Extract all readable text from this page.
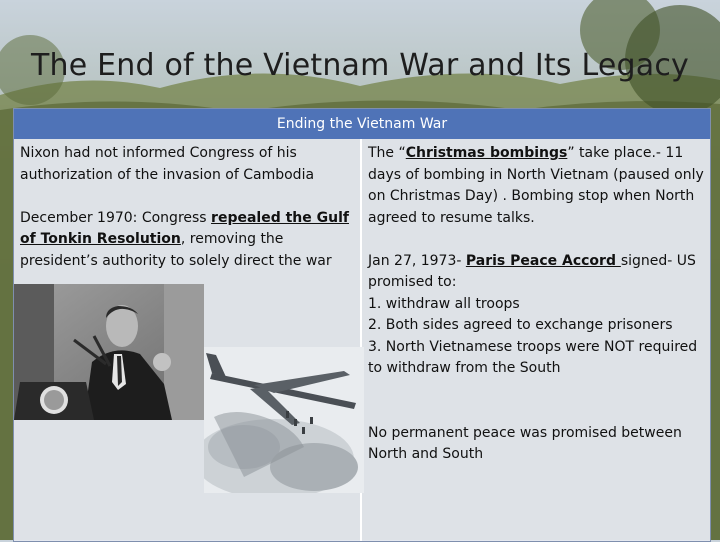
The End of the Vietnam War and Its Legacy
Ending the Vietnam War

Nixon had not informed Congress of his authorization of the invasion of Cambodia

December 1970: Congress repealed the Gulf of Tonkin Resolution, removing the president’s authority to solely direct the war

The “Christmas bombings” take place.- 11 days of bombing in North Vietnam (paused only on Christmas Day) . Bombing stop when North agreed to resume talks.

Jan 27, 1973- Paris Peace Accord signed- US promised to:

1. withdraw all troops
2. Both sides agreed to exchange prisoners
3. North Vietnamese troops were NOT required to withdraw from the South

No permanent peace was promised between North and South
